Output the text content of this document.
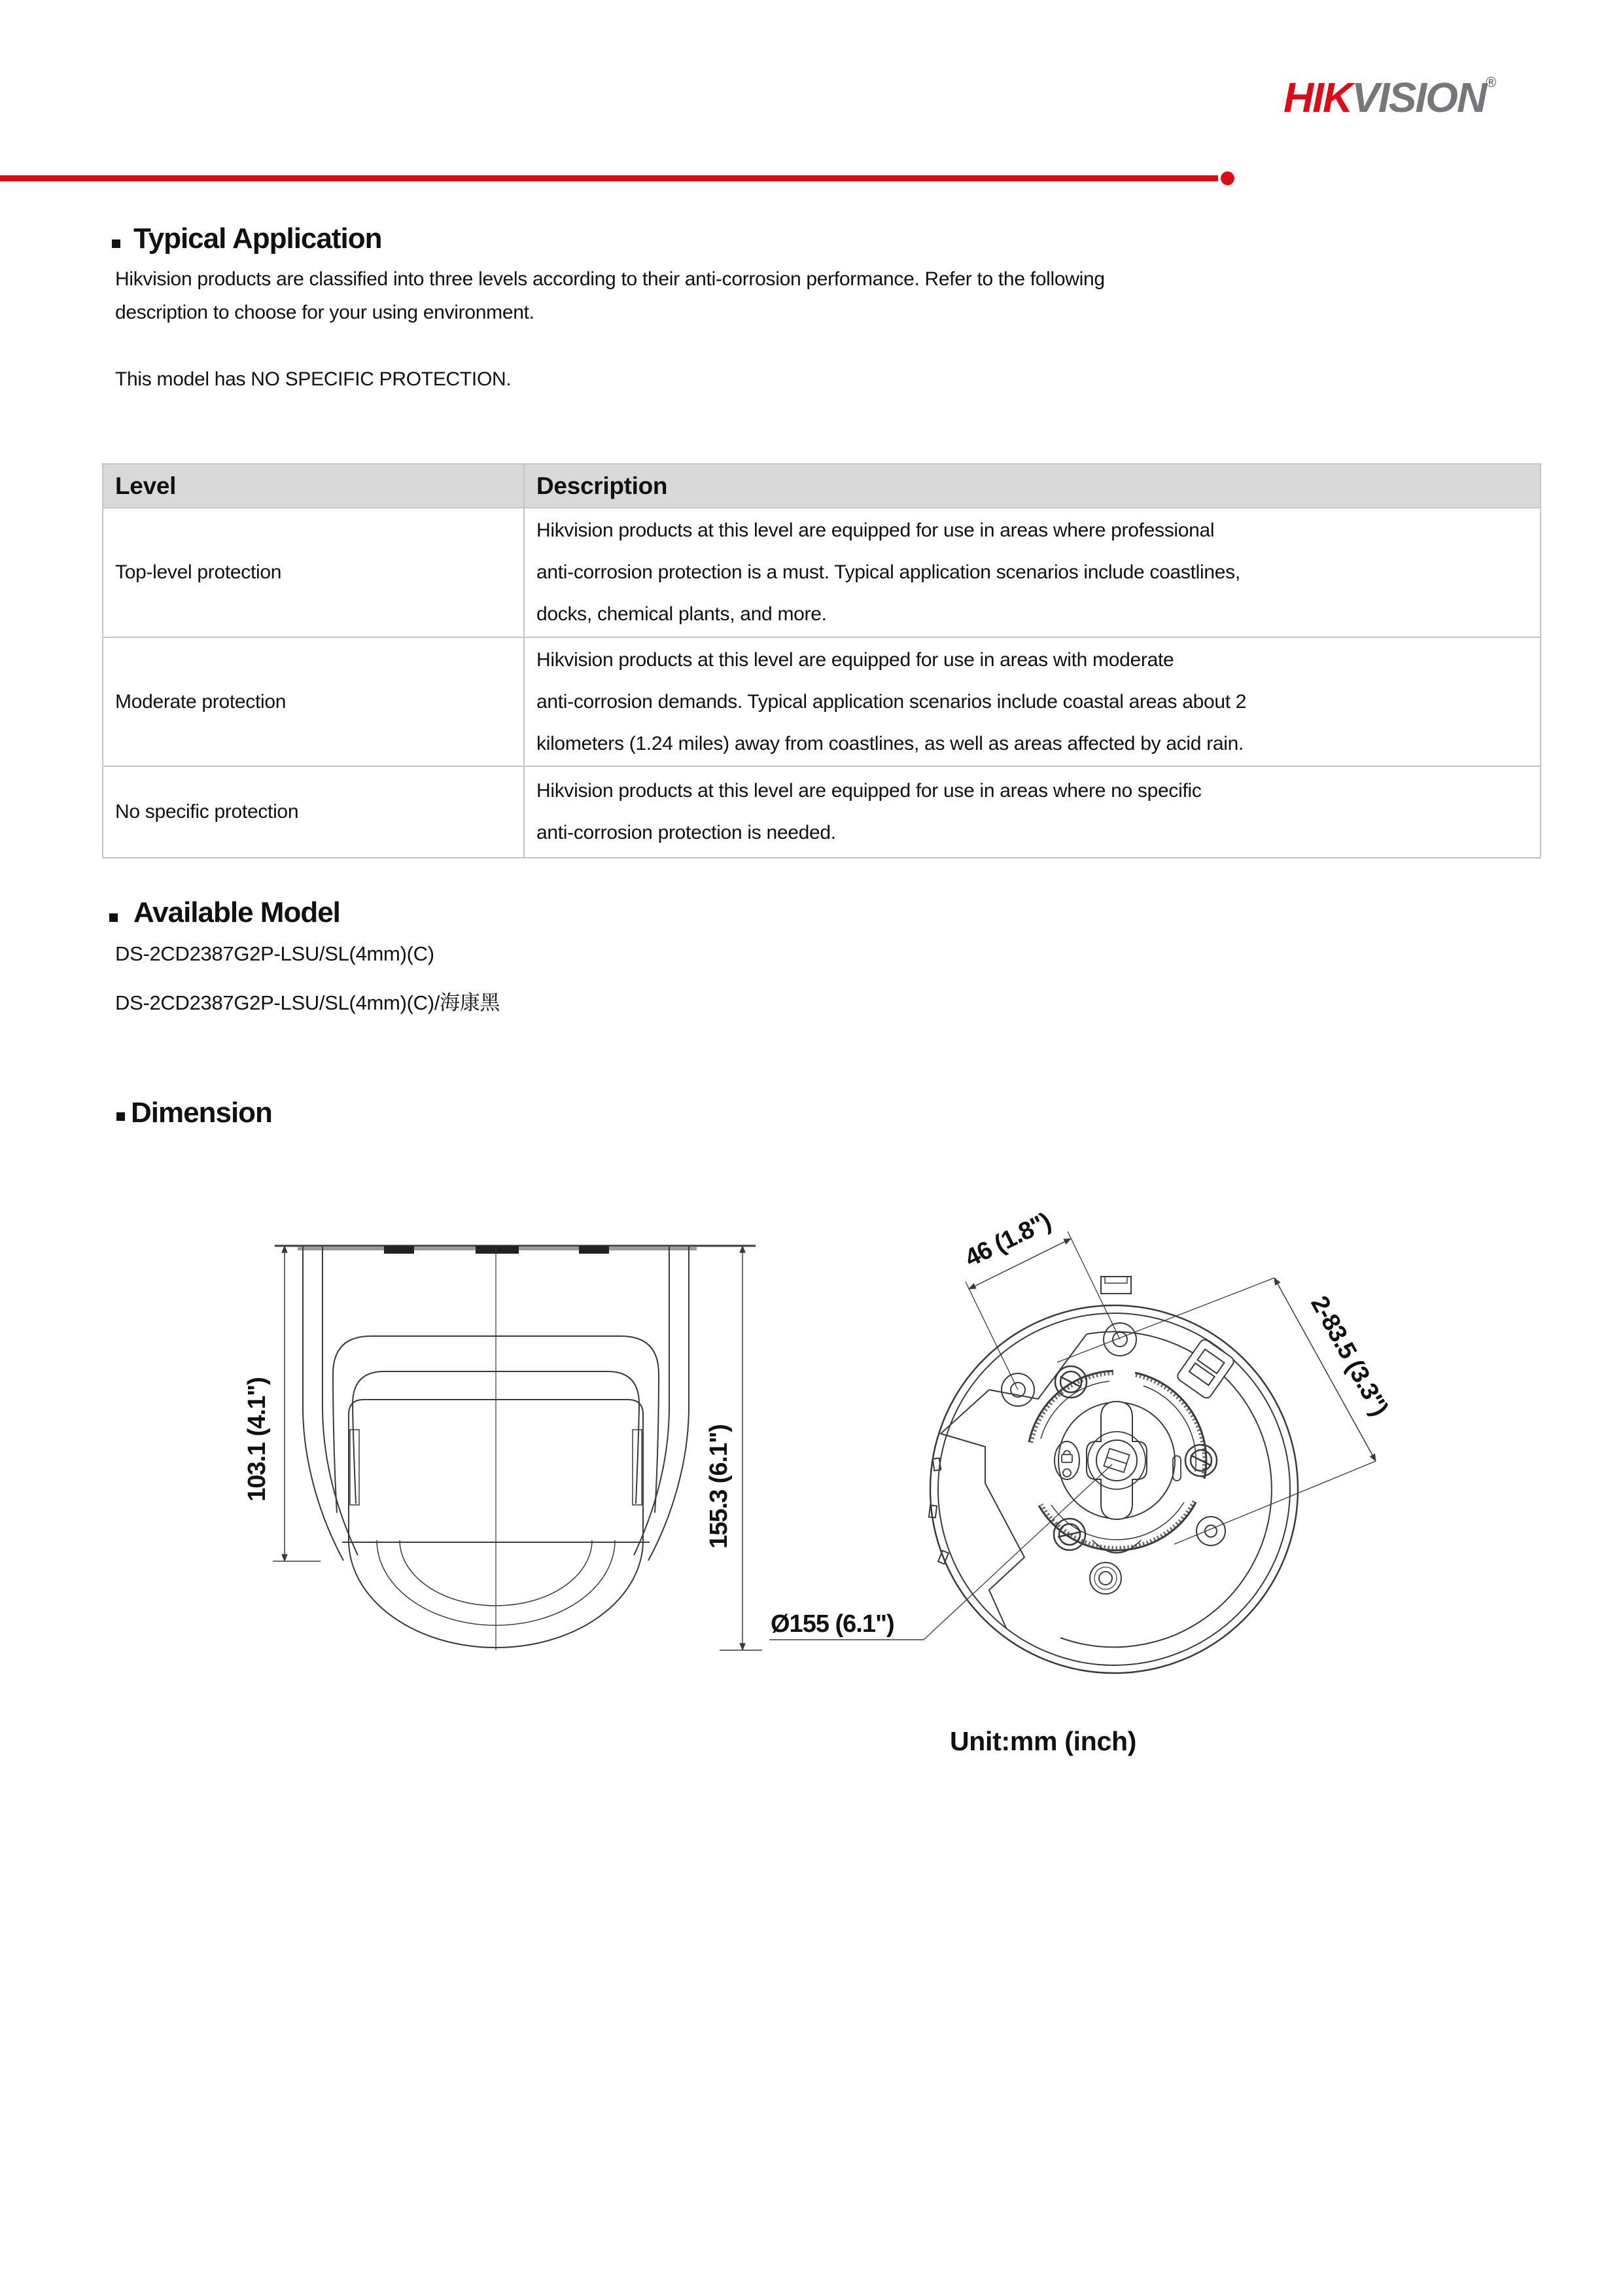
HIKVISION®
Typical Application
Hikvision products are classified into three levels according to their anti-corrosion performance. Refer to the following
description to choose for your using environment.
This model has NO SPECIFIC PROTECTION.
Level	Description
Top-level protection
Hikvision products at this level are equipped for use in areas where professional
anti-corrosion protection is a must. Typical application scenarios include coastlines,
docks, chemical plants, and more.
Moderate protection
Hikvision products at this level are equipped for use in areas with moderate
anti-corrosion demands. Typical application scenarios include coastal areas about 2
kilometers (1.24 miles) away from coastlines, as well as areas affected by acid rain.
No specific protection
Hikvision products at this level are equipped for use in areas where no specific
anti-corrosion protection is needed.
Available Model
DS-2CD2387G2P-LSU/SL(4mm)(C)
DS-2CD2387G2P-LSU/SL(4mm)(C)/海康黑
Dimension
103.1 (4.1")	155.3 (6.1")
46 (1.8")
2-83.5 (3.3")
Ø155 (6.1")
Unit:mm (inch)
